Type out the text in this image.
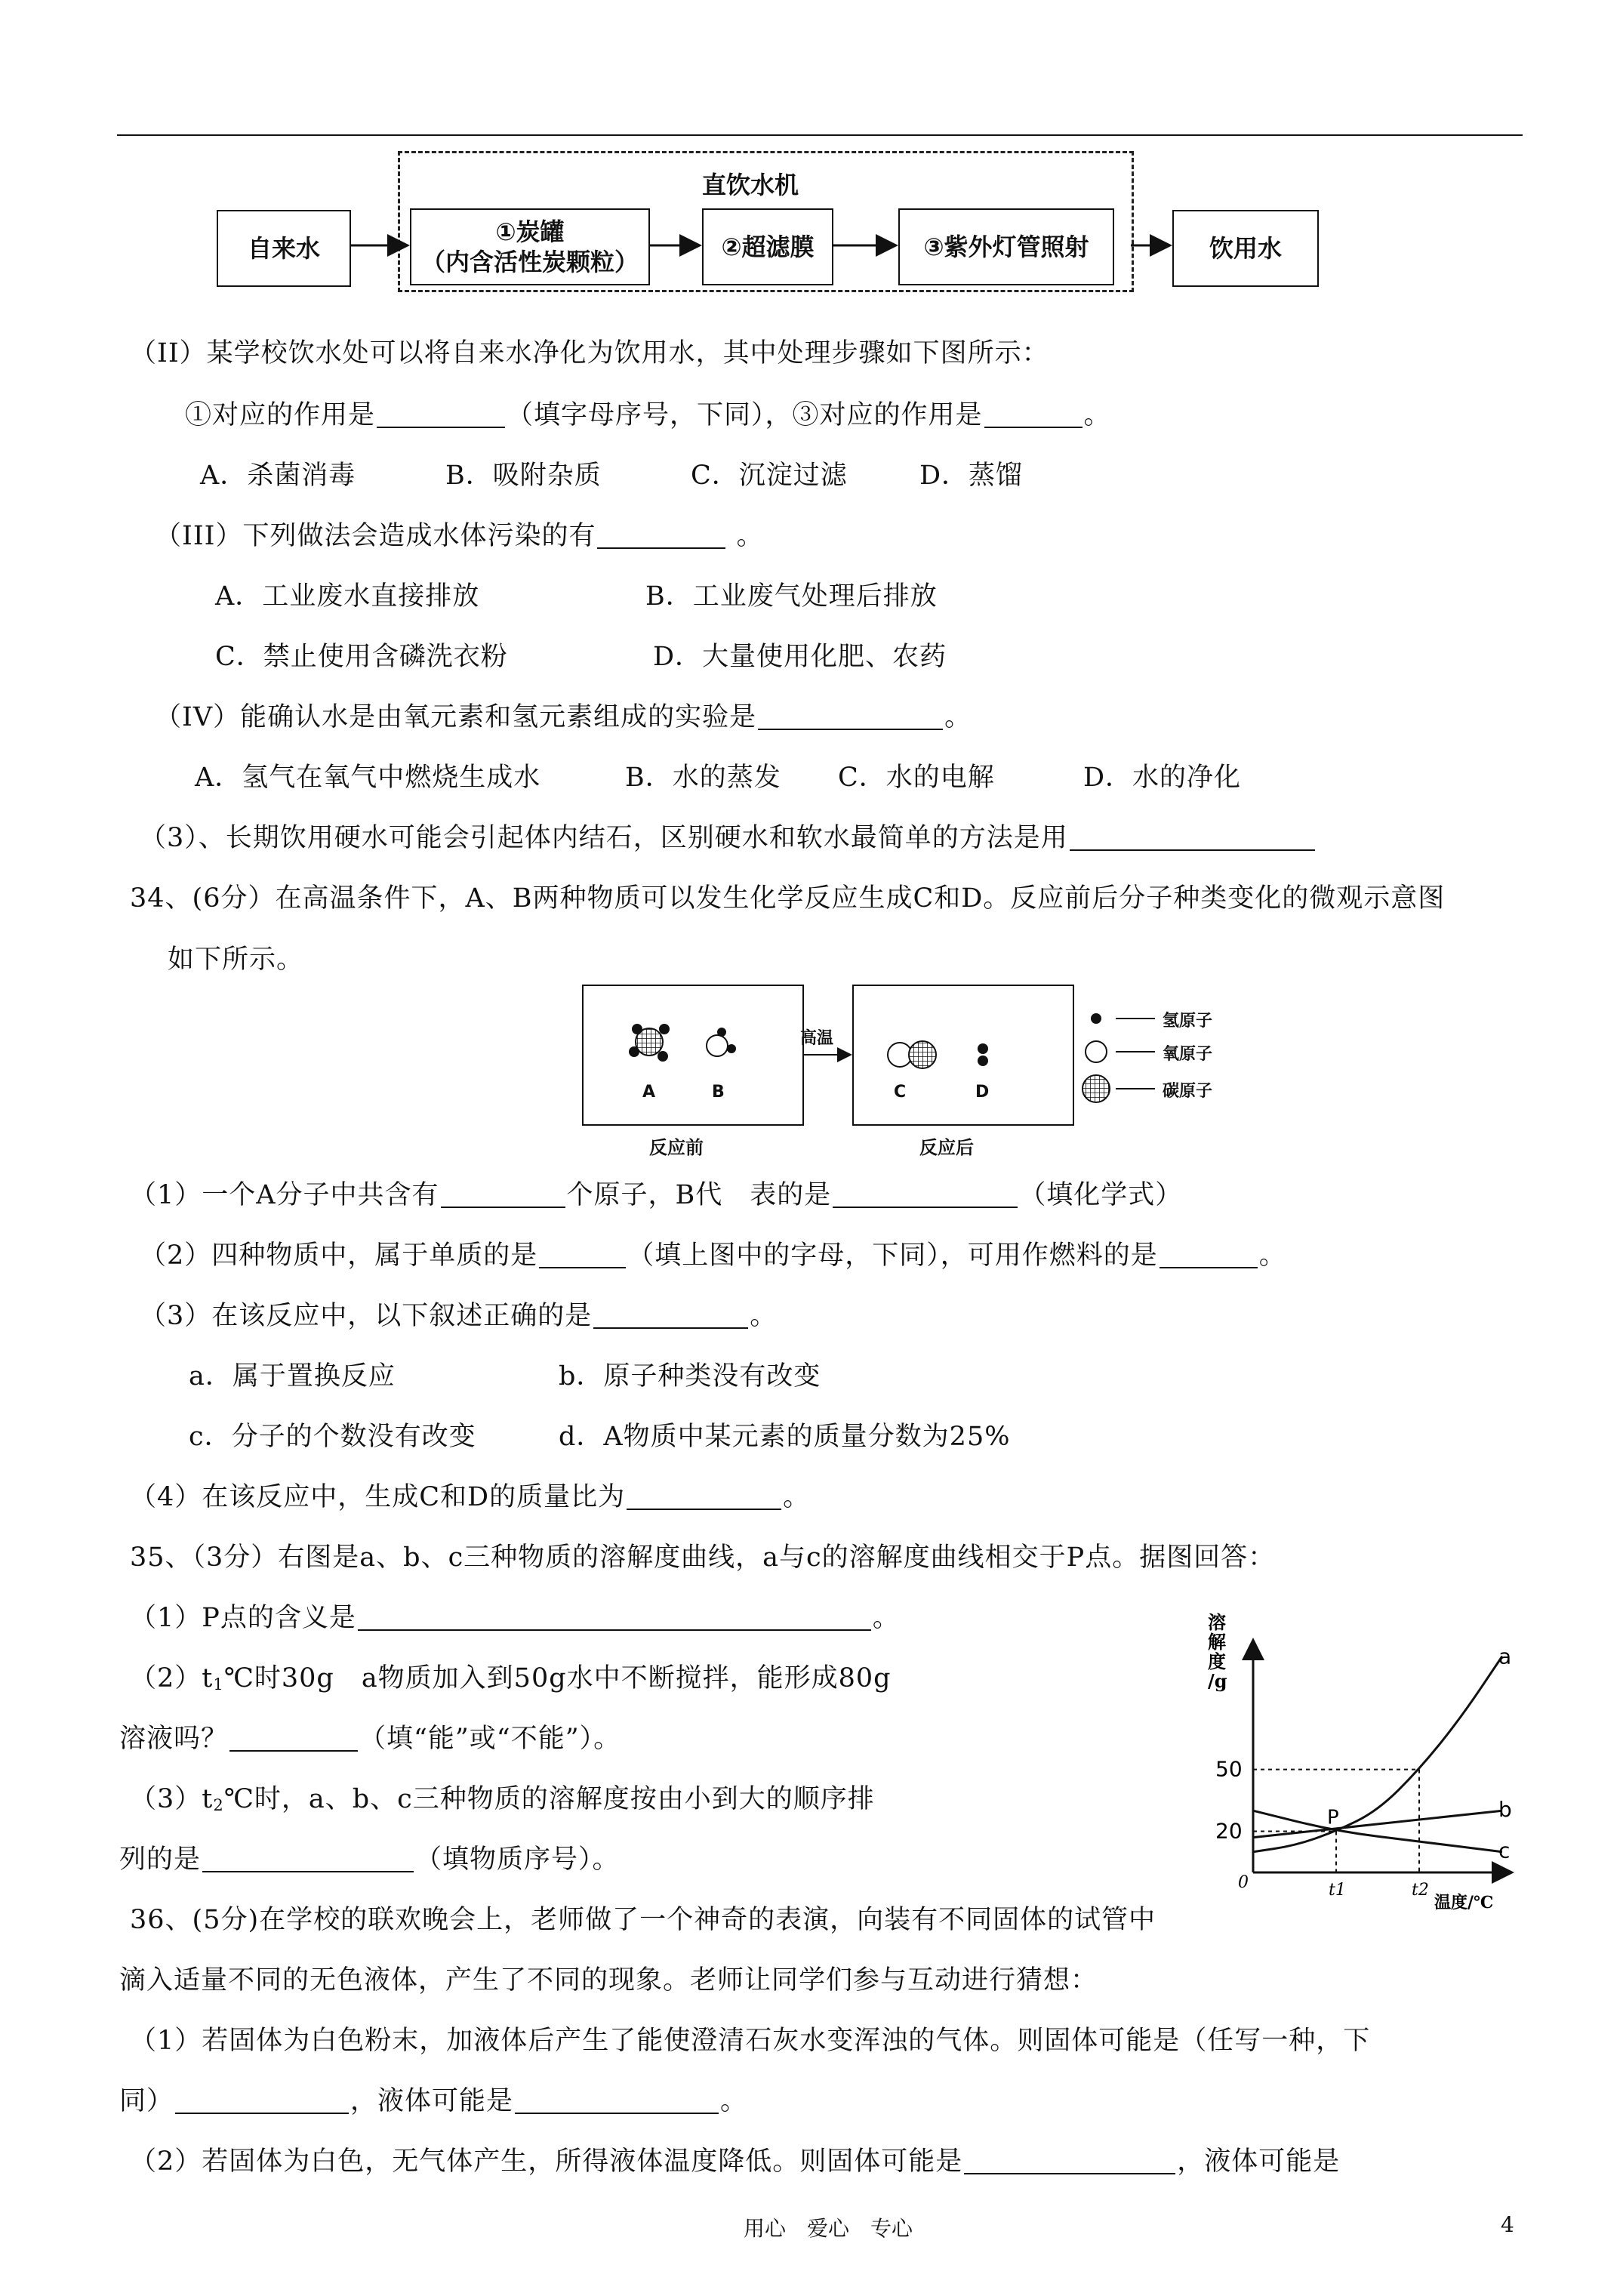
直饮水机
自来水
①炭罐
（内含活性炭颗粒）
②超滤膜	③紫外灯管照射	饮用水
（II）某学校饮水处可以将自来水净化为饮用水，其中处理步骤如下图所示：
①对应的作用是	（填字母序号，下同），③对应的作用是	。
A．杀菌消毒	B．吸附杂质	C．沉淀过滤	D．蒸馏
（III）下列做法会造成水体污染的有	。
A．工业废水直接排放	B．工业废气处理后排放
C．禁止使用含磷洗衣粉	D．大量使用化肥、农药
（IV）能确认水是由氧元素和氢元素组成的实验是	。
A．氢气在氧气中燃烧生成水	B．水的蒸发 C．水的电解	D．水的净化
（3）、长期饮用硬水可能会引起体内结石，区别硬水和软水最简单的方法是用
34、(6分）在高温条件下，A、B两种物质可以发生化学反应生成C和D。反应前后分子种类变化的微观示意图
如下所示。
A	B	C	D
高温
反应前	反应后
氢原子
氧原子
碳原子
（1）一个A分子中共含有	个原子，B代　表的是	（填化学式）
（2）四种物质中，属于单质的是	（填上图中的字母，下同），可用作燃料的是	。
（3）在该反应中，以下叙述正确的是	。
a．属于置换反应	b．原子种类没有改变
c．分子的个数没有改变	d．A物质中某元素的质量分数为25%
（4）在该反应中，生成C和D的质量比为	。
35、（3分）右图是a、b、c三种物质的溶解度曲线，a与c的溶解度曲线相交于P点。据图回答：
（1）P点的含义是	。
$(2)t_1℃$时30g　a物质加入到50g水中不断搅拌，能形成80g
溶液吗？	（填“能”或“不能”）。
$(3)t_2℃$时，a、b、c三种物质的溶解度按由小到大的顺序排
列的是	（填物质序号）。
溶
解
度
/g
温度/℃
0
20
50
a
b
c
t1	t2
P
36、(5分)在学校的联欢晚会上，老师做了一个神奇的表演，向装有不同固体的试管中
滴入适量不同的无色液体，产生了不同的现象。老师让同学们参与互动进行猜想：
（1）若固体为白色粉末，加液体后产生了能使澄清石灰水变浑浊的气体。则固体可能是（任写一种，下
同）	，液体可能是	。
（2）若固体为白色，无气体产生，所得液体温度降低。则固体可能是	，液体可能是
用心　爱心　专心	4
